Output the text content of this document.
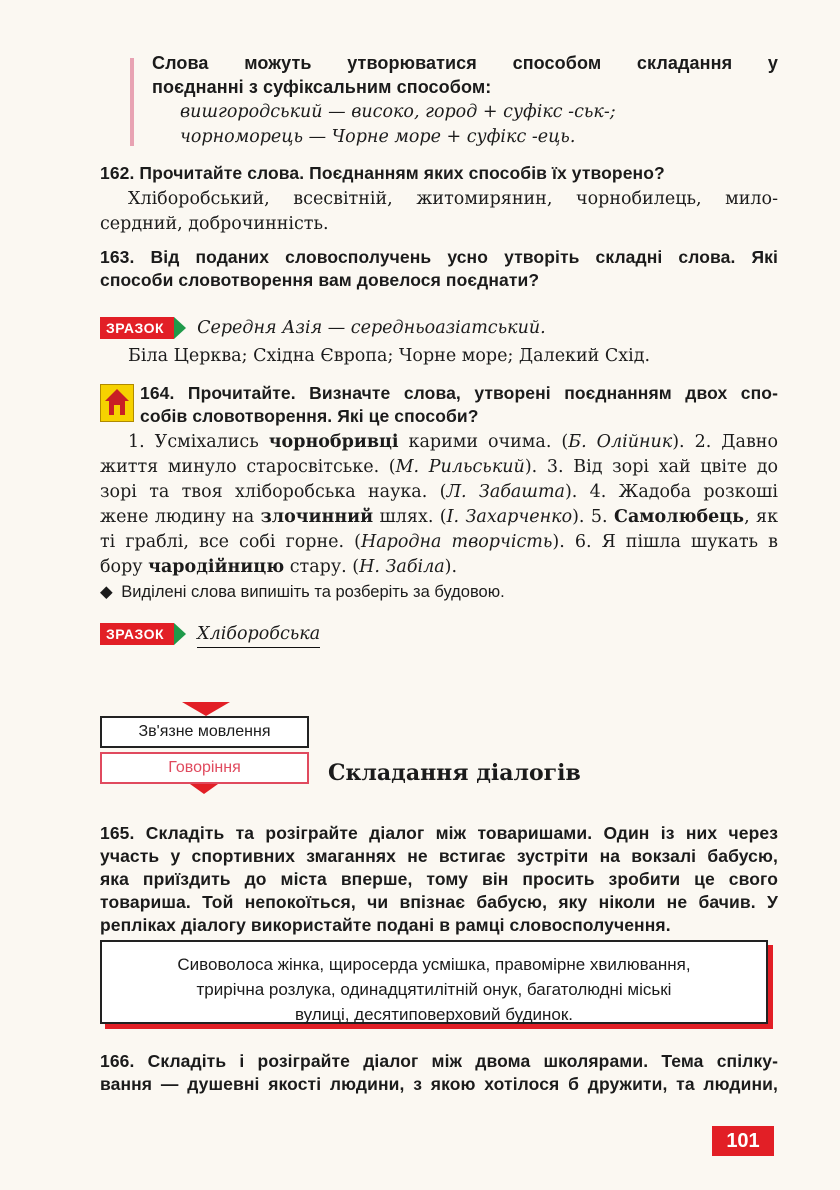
Слова можуть утворюватися способом складання у
поєднанні з суфіксальним способом:
вишгородський — високо, город + суфікс -ськ-;
чорноморець — Чорне море + суфікс -ець.
162. Прочитайте слова. Поєднанням яких способів їх утворено?
Хліборобський, всесвітній, житомирянин, чорнобилець, мило-
сердний, доброчинність.
163. Від поданих словосполучень усно утворіть складні слова. Які
способи словотворення вам довелося поєднати?
ЗРАЗОК Середня Азія — середньоазіатський.
Біла Церква; Східна Європа; Чорне море; Далекий Схід.
164. Прочитайте. Визначте слова, утворені поєднанням двох спо-
собів словотворення. Які це способи?
1. Усміхались чорнобривці карими очима. (Б. Олійник). 2. Давно
життя минуло старосвітське. (М. Рильський). 3. Від зорі хай цвіте до
зорі та твоя хліборобська наука. (Л. Забашта). 4. Жадоба розкоші
жене людину на злочинний шлях. (І. Захарченко). 5. Самолюбець, як
ті граблі, все собі горне. (Народна творчість). 6. Я пішла шукать в
бору чародійницю стару. (Н. Забіла).
◆ Виділені слова випишіть та розберіть за будовою.
ЗРАЗОК Хліборобська
Зв'язне мовлення
Говоріння	Складання діалогів
165. Складіть та розіграйте діалог між товаришами. Один із них через
участь у спортивних змаганнях не встигає зустріти на вокзалі бабусю,
яка приїздить до міста вперше, тому він просить зробити це свого
товариша. Той непокоїться, чи впізнає бабусю, яку ніколи не бачив. У
репліках діалогу використайте подані в рамці словосполучення.
Сивоволоса жінка, щиросерда усмішка, правомірне хвилювання,
трирічна розлука, одинадцятилітній онук, багатолюдні міські
вулиці, десятиповерховий будинок.
166. Складіть і розіграйте діалог між двома школярами. Тема спілку-
вання — душевні якості людини, з якою хотілося б дружити, та людини,
101
